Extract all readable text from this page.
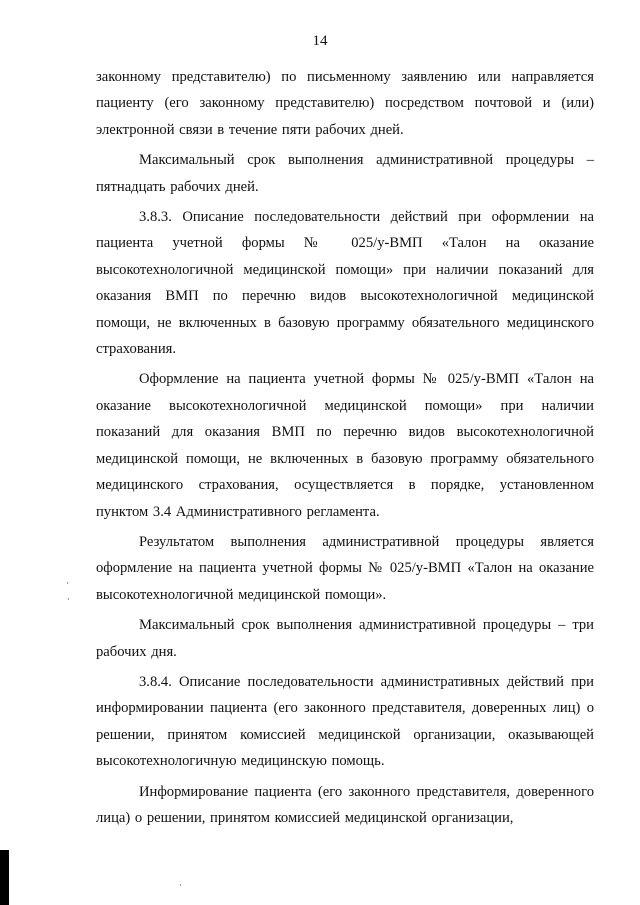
14

законному представителю) по письменному заявлению или направляется пациенту (его законному представителю) посредством почтовой и (или) электронной связи в течение пяти рабочих дней.

Максимальный срок выполнения административной процедуры – пятнадцать рабочих дней.

3.8.3. Описание последовательности действий при оформлении на пациента учетной формы № 025/у-ВМП «Талон на оказание высокотехнологичной медицинской помощи» при наличии показаний для оказания ВМП по перечню видов высокотехнологичной медицинской помощи, не включенных в базовую программу обязательного медицинского страхования.

Оформление на пациента учетной формы № 025/у-ВМП «Талон на оказание высокотехнологичной медицинской помощи» при наличии показаний для оказания ВМП по перечню видов высокотехнологичной медицинской помощи, не включенных в базовую программу обязательного медицинского страхования, осуществляется в порядке, установленном пунктом 3.4 Административного регламента.

Результатом выполнения административной процедуры является оформление на пациента учетной формы № 025/у-ВМП «Талон на оказание высокотехнологичной медицинской помощи».

Максимальный срок выполнения административной процедуры – три рабочих дня.

3.8.4. Описание последовательности административных действий при информировании пациента (его законного представителя, доверенных лиц) о решении, принятом комиссией медицинской организации, оказывающей высокотехнологичную медицинскую помощь.

Информирование пациента (его законного представителя, доверенного лица) о решении, принятом комиссией медицинской организации,
